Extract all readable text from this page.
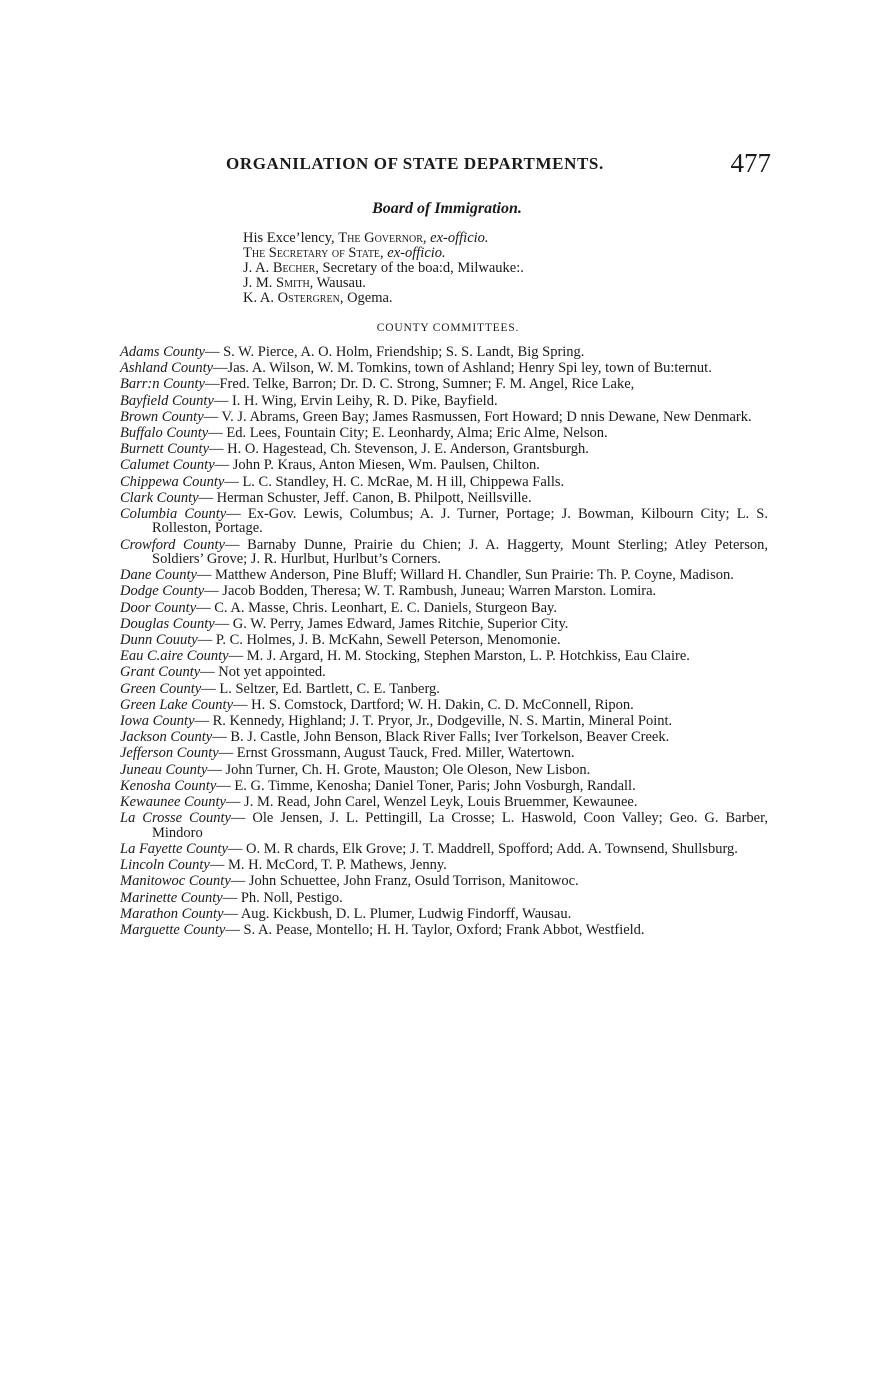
ORGANILATION OF STATE DEPARTMENTS.	477
Board of Immigration.
His Exce’lency, The Governor, ex-officio.
The Secretary of State, ex-officio.
J. A. Becher, Secretary of the boa:d, Milwauke:.
J. M. Smith, Wausau.
K. A. Ostergren, Ogema.
COUNTY COMMITTEES.
Adams County— S. W. Pierce, A. O. Holm, Friendship; S. S. Landt, Big Spring.
Ashland County—Jas. A. Wilson, W. M. Tomkins, town of Ashland; Henry Spi ley, town of Bu:ternut.
Barr:n County—Fred. Telke, Barron; Dr. D. C. Strong, Sumner; F. M. Angel, Rice Lake,
Bayfield County— I. H. Wing, Ervin Leihy, R. D. Pike, Bayfield.
Brown County— V. J. Abrams, Green Bay; James Rasmussen, Fort Howard; D nnis Dewane, New Denmark.
Buffalo County— Ed. Lees, Fountain City; E. Leonhardy, Alma; Eric Alme, Nelson.
Burnett County— H. O. Hagestead, Ch. Stevenson, J. E. Anderson, Grantsburgh.
Calumet County— John P. Kraus, Anton Miesen, Wm. Paulsen, Chilton.
Chippewa County— L. C. Standley, H. C. McRae, M. H ill, Chippewa Falls.
Clark County— Herman Schuster, Jeff. Canon, B. Philpott, Neillsville.
Columbia County— Ex-Gov. Lewis, Columbus; A. J. Turner, Portage; J. Bowman, Kilbourn City; L. S. Rolleston, Portage.
Crowford County— Barnaby Dunne, Prairie du Chien; J. A. Haggerty, Mount Sterling; Atley Peterson, Soldiers’ Grove; J. R. Hurlbut, Hurlbut’s Corners.
Dane County— Matthew Anderson, Pine Bluff; Willard H. Chandler, Sun Prairie: Th. P. Coyne, Madison.
Dodge County— Jacob Bodden, Theresa; W. T. Rambush, Juneau; Warren Marston. Lomira.
Door County— C. A. Masse, Chris. Leonhart, E. C. Daniels, Sturgeon Bay.
Douglas County— G. W. Perry, James Edward, James Ritchie, Superior City.
Dunn Couuty— P. C. Holmes, J. B. McKahn, Sewell Peterson, Menomonie.
Eau C.aire County— M. J. Argard, H. M. Stocking, Stephen Marston, L. P. Hotchkiss, Eau Claire.
Grant County— Not yet appointed.
Green County— L. Seltzer, Ed. Bartlett, C. E. Tanberg.
Green Lake County— H. S. Comstock, Dartford; W. H. Dakin, C. D. McConnell, Ripon.
Iowa County— R. Kennedy, Highland; J. T. Pryor, Jr., Dodgeville, N. S. Martin, Mineral Point.
Jackson County— B. J. Castle, John Benson, Black River Falls; Iver Torkelson, Beaver Creek.
Jefferson County— Ernst Grossmann, August Tauck, Fred. Miller, Watertown.
Juneau County— John Turner, Ch. H. Grote, Mauston; Ole Oleson, New Lisbon.
Kenosha County— E. G. Timme, Kenosha; Daniel Toner, Paris; John Vosburgh, Randall.
Kewaunee County— J. M. Read, John Carel, Wenzel Leyk, Louis Bruemmer, Kewaunee.
La Crosse County— Ole Jensen, J. L. Pettingill, La Crosse; L. Haswold, Coon Valley; Geo. G. Barber, Mindoro
La Fayette County— O. M. R chards, Elk Grove; J. T. Maddrell, Spofford; Add. A. Townsend, Shullsburg.
Lincoln County— M. H. McCord, T. P. Mathews, Jenny.
Manitowoc County— John Schuettee, John Franz, Osuld Torrison, Manitowoc.
Marinette County— Ph. Noll, Pestigo.
Marathon County— Aug. Kickbush, D. L. Plumer, Ludwig Findorff, Wausau.
Marguette County— S. A. Pease, Montello; H. H. Taylor, Oxford; Frank Abbot, Westfield.
